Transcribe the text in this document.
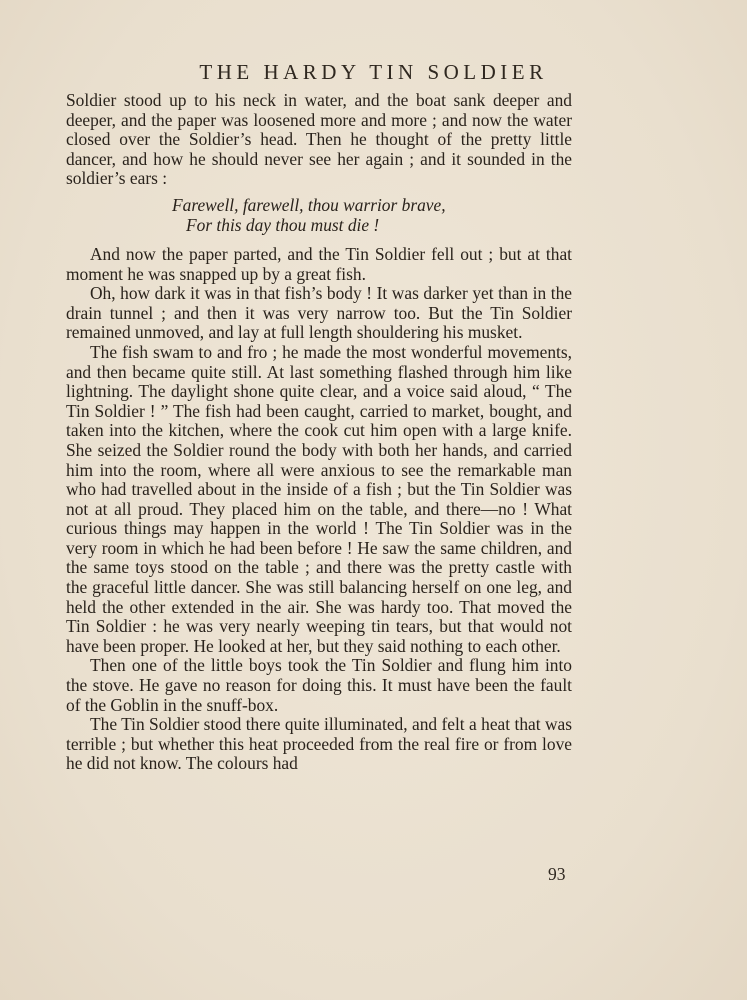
THE HARDY TIN SOLDIER

Soldier stood up to his neck in water, and the boat sank deeper and deeper, and the paper was loosened more and more ; and now the water closed over the Soldier’s head. Then he thought of the pretty little dancer, and how he should never see her again ; and it sounded in the soldier’s ears :

Farewell, farewell, thou warrior brave,
For this day thou must die !

And now the paper parted, and the Tin Soldier fell out ; but at that moment he was snapped up by a great fish.

Oh, how dark it was in that fish’s body ! It was darker yet than in the drain tunnel ; and then it was very narrow too. But the Tin Soldier remained unmoved, and lay at full length shouldering his musket.

The fish swam to and fro ; he made the most wonderful movements, and then became quite still. At last something flashed through him like lightning. The daylight shone quite clear, and a voice said aloud, “ The Tin Soldier ! ” The fish had been caught, carried to market, bought, and taken into the kitchen, where the cook cut him open with a large knife. She seized the Soldier round the body with both her hands, and carried him into the room, where all were anxious to see the remarkable man who had travelled about in the inside of a fish ; but the Tin Soldier was not at all proud. They placed him on the table, and there—no ! What curious things may happen in the world ! The Tin Soldier was in the very room in which he had been before ! He saw the same children, and the same toys stood on the table ; and there was the pretty castle with the graceful little dancer. She was still balancing herself on one leg, and held the other extended in the air. She was hardy too. That moved the Tin Soldier : he was very nearly weeping tin tears, but that would not have been proper. He looked at her, but they said nothing to each other.

Then one of the little boys took the Tin Soldier and flung him into the stove. He gave no reason for doing this. It must have been the fault of the Goblin in the snuff-box.

The Tin Soldier stood there quite illuminated, and felt a heat that was terrible ; but whether this heat proceeded from the real fire or from love he did not know. The colours had

93
